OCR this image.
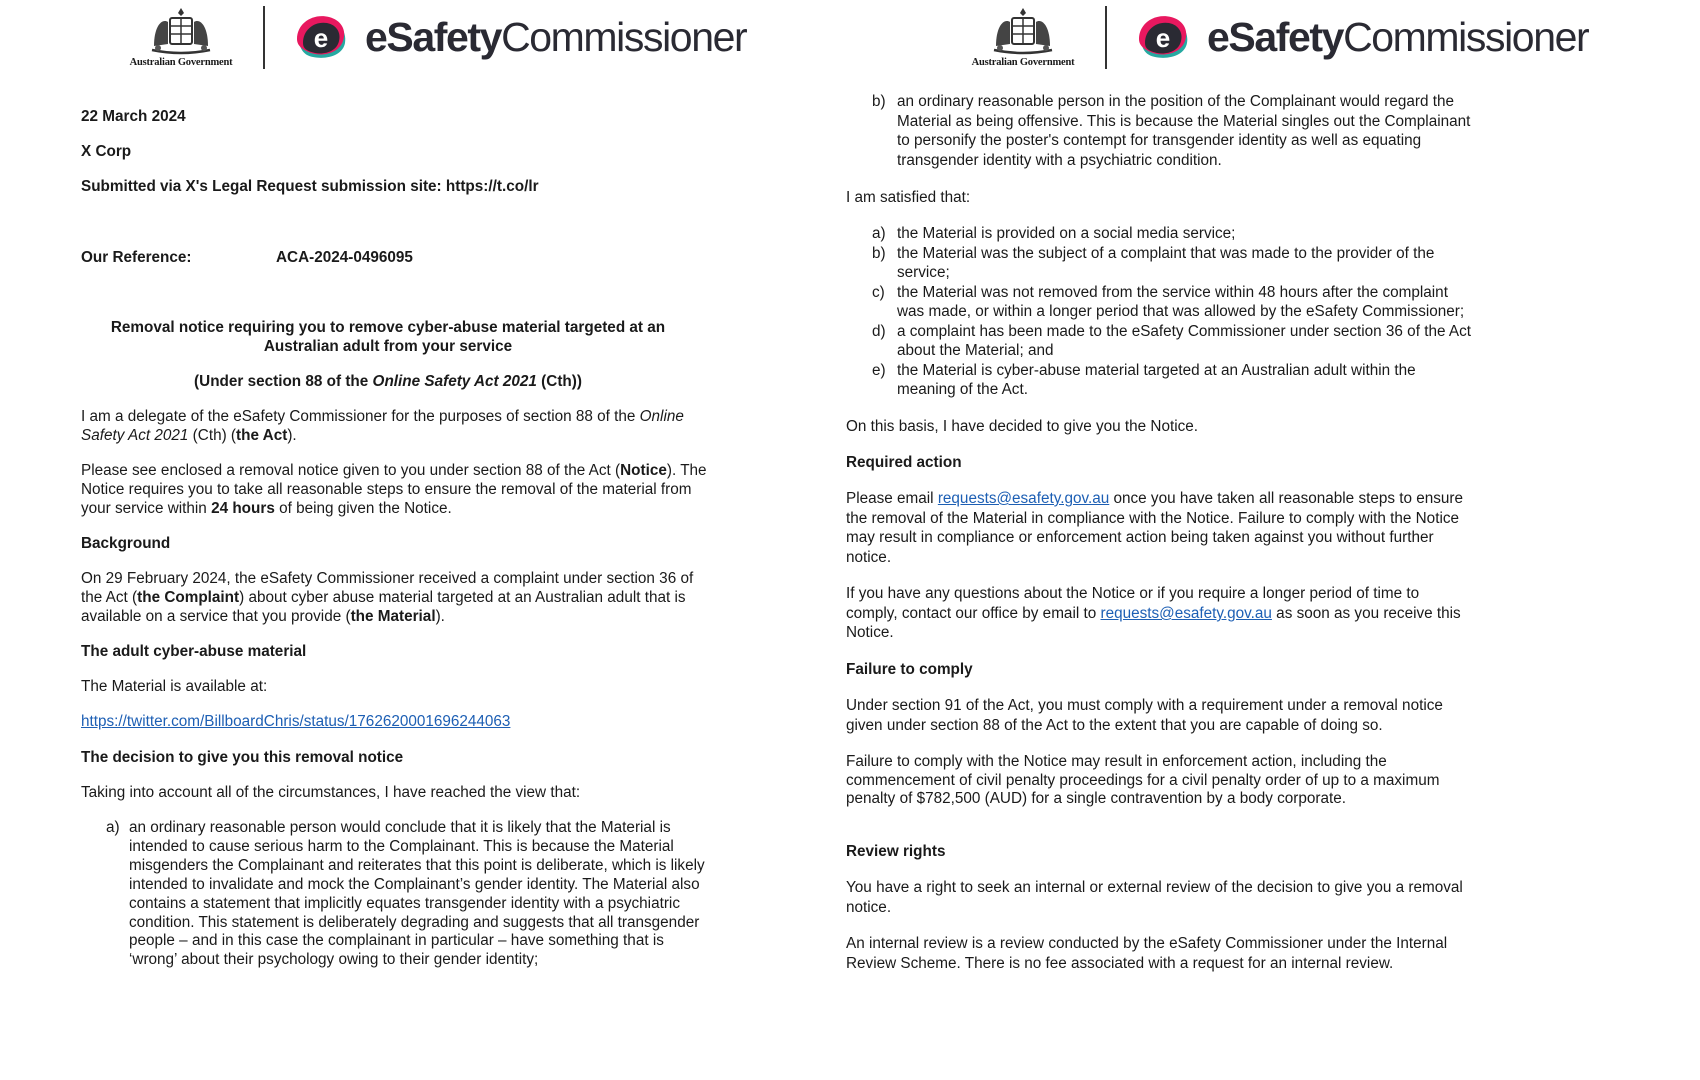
Australian Government
e eSafetyCommissioner
22 March 2024
X Corp
Submitted via X's Legal Request submission site: https://t.co/lr
Our Reference:	ACA-2024-0496095
Removal notice requiring you to remove cyber-abuse material targeted at an
Australian adult from your service
(Under section 88 of the Online Safety Act 2021 (Cth))
I am a delegate of the eSafety Commissioner for the purposes of section 88 of the Online
Safety Act 2021 (Cth) (the Act).
Please see enclosed a removal notice given to you under section 88 of the Act (Notice). The
Notice requires you to take all reasonable steps to ensure the removal of the material from
your service within 24 hours of being given the Notice.
Background
On 29 February 2024, the eSafety Commissioner received a complaint under section 36 of
the Act (the Complaint) about cyber abuse material targeted at an Australian adult that is
available on a service that you provide (the Material).
The adult cyber-abuse material
The Material is available at:
https://twitter.com/BillboardChris/status/1762620001696244063
The decision to give you this removal notice
Taking into account all of the circumstances, I have reached the view that:
a) an ordinary reasonable person would conclude that it is likely that the Material is
intended to cause serious harm to the Complainant. This is because the Material
misgenders the Complainant and reiterates that this point is deliberate, which is likely
intended to invalidate and mock the Complainant’s gender identity. The Material also
contains a statement that implicitly equates transgender identity with a psychiatric
condition. This statement is deliberately degrading and suggests that all transgender
people – and in this case the complainant in particular – have something that is
‘wrong’ about their psychology owing to their gender identity;
Australian Government
e eSafetyCommissioner
b)
I am satisfied that:
On this basis, I have decided to give you the Notice.
Required action
Please email requests@esafety.gov.au once you have taken all reasonable steps to ensure
the removal of the Material in compliance with the Notice. Failure to comply with the Notice
may result in compliance or enforcement action being taken against you without further
notice.
If you have any questions about the Notice or if you require a longer period of time to
comply, contact our office by email to requests@esafety.gov.au as soon as you receive this
Notice.
Failure to comply
Under section 91 of the Act, you must comply with a requirement under a removal notice
given under section 88 of the Act to the extent that you are capable of doing so.
Failure to comply with the Notice may result in enforcement action, including the
commencement of civil penalty proceedings for a civil penalty order of up to a maximum
penalty of $782,500 (AUD) for a single contravention by a body corporate.
Review rights
You have a right to seek an internal or external review of the decision to give you a removal
notice.
An internal review is a review conducted by the eSafety Commissioner under the Internal
Review Scheme. There is no fee associated with a request for an internal review.
an ordinary reasonable person in the position of the Complainant would regard the
Material as being offensive. This is because the Material singles out the Complainant
to personify the poster's contempt for transgender identity as well as equating
transgender identity with a psychiatric condition.
a) the Material is provided on a social media service;
b) the Material was the subject of a complaint that was made to the provider of the
service;
c) the Material was not removed from the service within 48 hours after the complaint
was made, or within a longer period that was allowed by the eSafety Commissioner;
d) a complaint has been made to the eSafety Commissioner under section 36 of the Act
about the Material; and
e) the Material is cyber-abuse material targeted at an Australian adult within the
meaning of the Act.
